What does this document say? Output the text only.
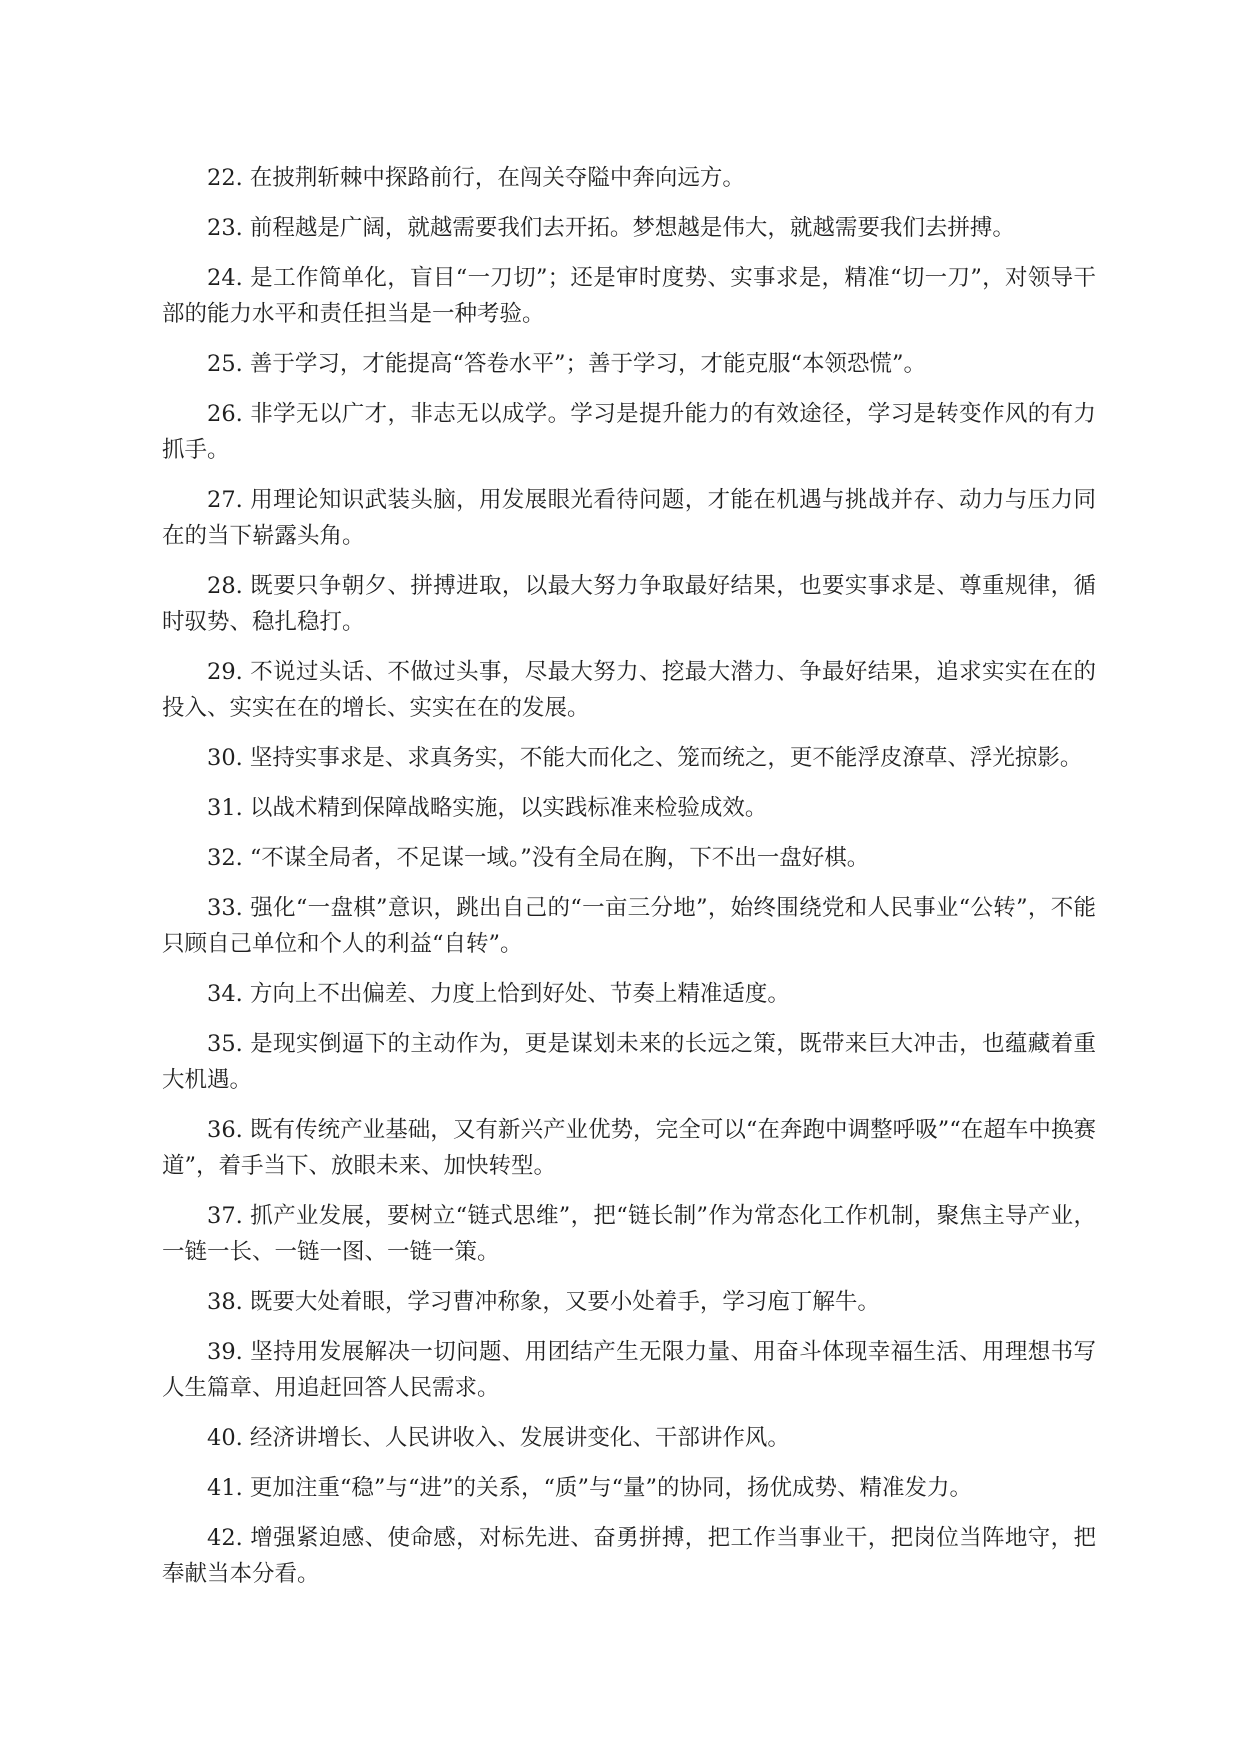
22. 在披荆斩棘中探路前行，在闯关夺隘中奔向远方。

23. 前程越是广阔，就越需要我们去开拓。梦想越是伟大，就越需要我们去拼搏。

24. 是工作简单化，盲目“一刀切”；还是审时度势、实事求是，精准“切一刀”，对领导干部的能力水平和责任担当是一种考验。

25. 善于学习，才能提高“答卷水平”；善于学习，才能克服“本领恐慌”。

26. 非学无以广才，非志无以成学。学习是提升能力的有效途径，学习是转变作风的有力抓手。

27. 用理论知识武装头脑，用发展眼光看待问题，才能在机遇与挑战并存、动力与压力同在的当下崭露头角。

28. 既要只争朝夕、拼搏进取，以最大努力争取最好结果，也要实事求是、尊重规律，循时驭势、稳扎稳打。

29. 不说过头话、不做过头事，尽最大努力、挖最大潜力、争最好结果，追求实实在在的投入、实实在在的增长、实实在在的发展。

30. 坚持实事求是、求真务实，不能大而化之、笼而统之，更不能浮皮潦草、浮光掠影。

31. 以战术精到保障战略实施，以实践标准来检验成效。

32. “不谋全局者，不足谋一域。”没有全局在胸，下不出一盘好棋。

33. 强化“一盘棋”意识，跳出自己的“一亩三分地”，始终围绕党和人民事业“公转”，不能只顾自己单位和个人的利益“自转”。

34. 方向上不出偏差、力度上恰到好处、节奏上精准适度。

35. 是现实倒逼下的主动作为，更是谋划未来的长远之策，既带来巨大冲击，也蕴藏着重大机遇。

36. 既有传统产业基础，又有新兴产业优势，完全可以“在奔跑中调整呼吸”“在超车中换赛道”，着手当下、放眼未来、加快转型。

37. 抓产业发展，要树立“链式思维”，把“链长制”作为常态化工作机制，聚焦主导产业，一链一长、一链一图、一链一策。

38. 既要大处着眼，学习曹冲称象，又要小处着手，学习庖丁解牛。

39. 坚持用发展解决一切问题、用团结产生无限力量、用奋斗体现幸福生活、用理想书写人生篇章、用追赶回答人民需求。

40. 经济讲增长、人民讲收入、发展讲变化、干部讲作风。

41. 更加注重“稳”与“进”的关系，“质”与“量”的协同，扬优成势、精准发力。

42. 增强紧迫感、使命感，对标先进、奋勇拼搏，把工作当事业干，把岗位当阵地守，把奉献当本分看。
